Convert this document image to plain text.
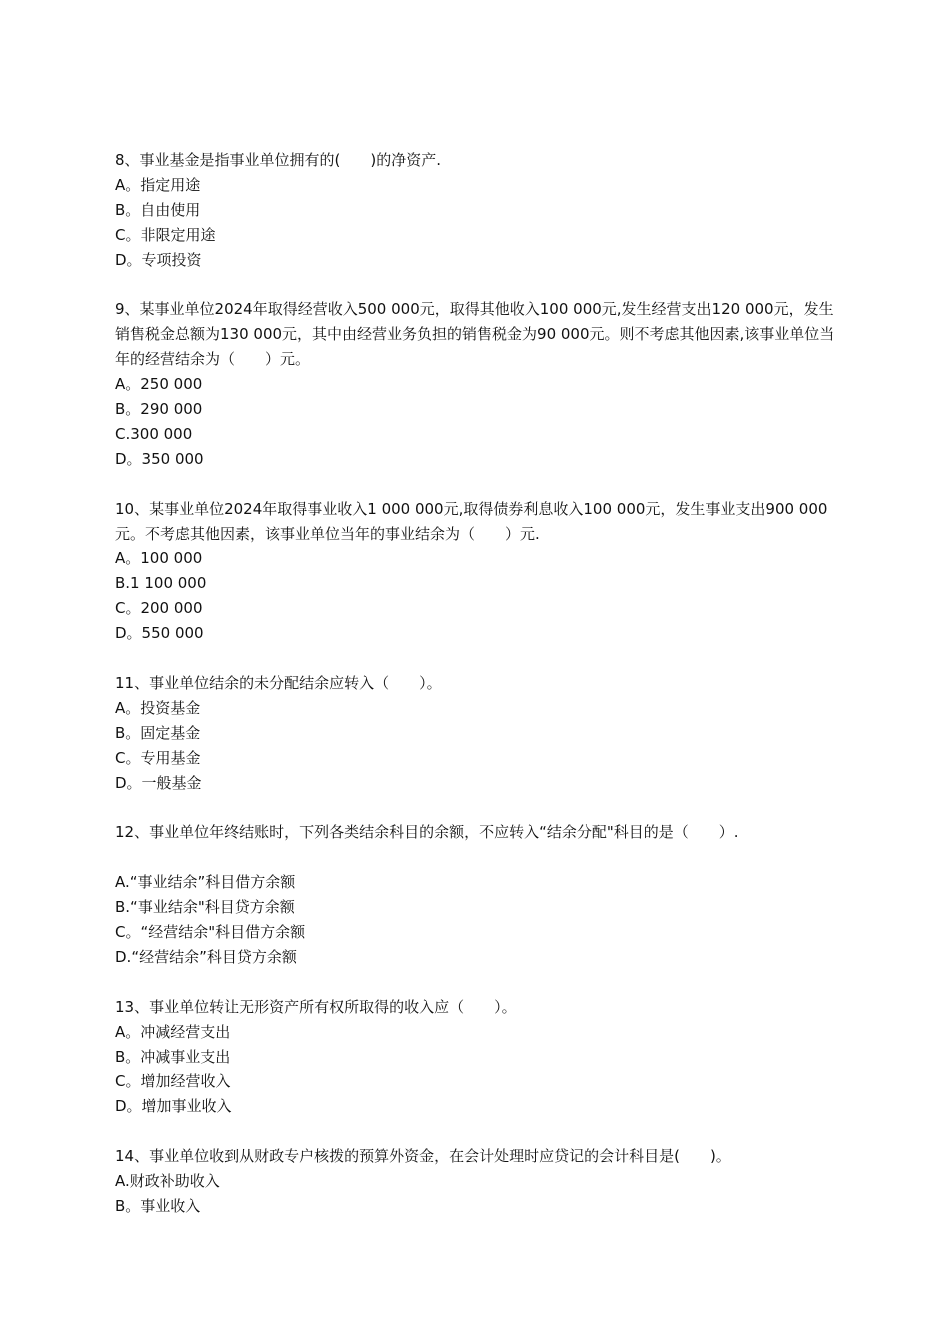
8、事业基金是指事业单位拥有的(　　)的净资产.

A。指定用途

B。自由使用

C。非限定用途

D。专项投资

9、某事业单位2024年取得经营收入500 000元，取得其他收入100 000元,发生经营支出120 000元，发生销售税金总额为130 000元，其中由经营业务负担的销售税金为90 000元。则不考虑其他因素,该事业单位当年的经营结余为（　　）元。

A。250 000

B。290 000

C.300 000

D。350 000

10、某事业单位2024年取得事业收入1 000 000元,取得债券利息收入100 000元，发生事业支出900 000元。不考虑其他因素，该事业单位当年的事业结余为（　　）元.

A。100 000

B.1 100 000

C。200 000

D。550 000

11、事业单位结余的未分配结余应转入（　　）。

A。投资基金

B。固定基金

C。专用基金

D。一般基金

12、事业单位年终结账时，下列各类结余科目的余额，不应转入“结余分配"科目的是（　　）.

A.“事业结余”科目借方余额

B.“事业结余"科目贷方余额

C。“经营结余"科目借方余额

D.“经营结余”科目贷方余额

13、事业单位转让无形资产所有权所取得的收入应（　　）。

A。冲减经营支出

B。冲减事业支出

C。增加经营收入

D。增加事业收入

14、事业单位收到从财政专户核拨的预算外资金，在会计处理时应贷记的会计科目是(　　)。

A.财政补助收入

B。事业收入
